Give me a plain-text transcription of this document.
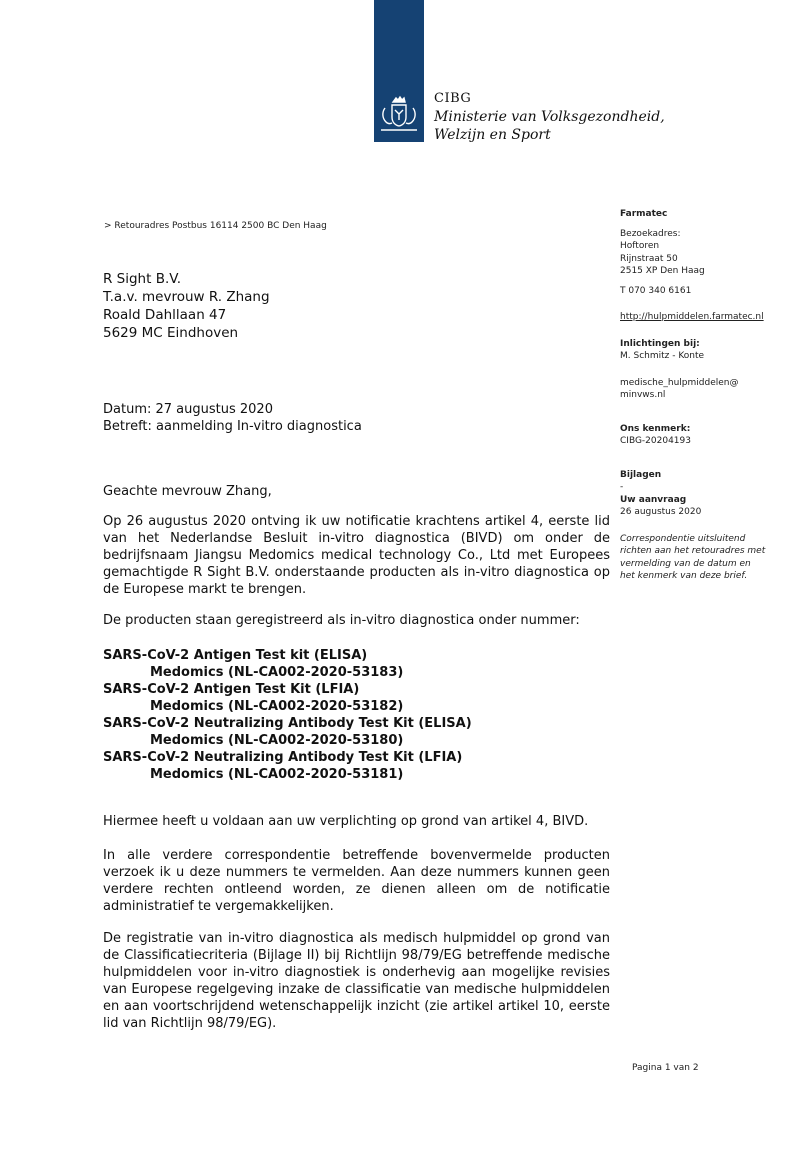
CIBG
Ministerie van Volksgezondheid,
Welzijn en Sport
> Retouradres Postbus 16114 2500 BC Den Haag
R Sight B.V.
T.a.v. mevrouw R. Zhang
Roald Dahllaan 47
5629 MC Eindhoven
Datum: 27 augustus 2020
Betreft: aanmelding In-vitro diagnostica
Farmatec
Bezoekadres:
Hoftoren
Rijnstraat 50
2515 XP Den Haag
T 070 340 6161
http://hulpmiddelen.farmatec.nl
Inlichtingen bij:
M. Schmitz - Konte
medische_hulpmiddelen@
minvws.nl
Ons kenmerk:
CIBG-20204193
Bijlagen
-
Uw aanvraag
26 augustus 2020
Correspondentie uitsluitend
richten aan het retouradres met
vermelding van de datum en
het kenmerk van deze brief.
Geachte mevrouw Zhang,
Op 26 augustus 2020 ontving ik uw notificatie krachtens artikel 4, eerste lid van het Nederlandse Besluit in-vitro diagnostica (BIVD) om onder de bedrijfsnaam Jiangsu Medomics medical technology Co., Ltd met Europees gemachtigde R Sight B.V. onderstaande producten als in-vitro diagnostica op de Europese markt te brengen.
De producten staan geregistreerd als in-vitro diagnostica onder nummer:
SARS-CoV-2 Antigen Test kit (ELISA)
Medomics (NL-CA002-2020-53183)
SARS-CoV-2 Antigen Test Kit (LFIA)
Medomics (NL-CA002-2020-53182)
SARS-CoV-2 Neutralizing Antibody Test Kit (ELISA)
Medomics (NL-CA002-2020-53180)
SARS-CoV-2 Neutralizing Antibody Test Kit (LFIA)
Medomics (NL-CA002-2020-53181)
Hiermee heeft u voldaan aan uw verplichting op grond van artikel 4, BIVD.
In alle verdere correspondentie betreffende bovenvermelde producten verzoek ik u deze nummers te vermelden. Aan deze nummers kunnen geen verdere rechten ontleend worden, ze dienen alleen om de notificatie administratief te vergemakkelijken.
De registratie van in-vitro diagnostica als medisch hulpmiddel op grond van de Classificatiecriteria (Bijlage II) bij Richtlijn 98/79/EG betreffende medische hulpmiddelen voor in-vitro diagnostiek is onderhevig aan mogelijke revisies van Europese regelgeving inzake de classificatie van medische hulpmiddelen en aan voortschrijdend wetenschappelijk inzicht (zie artikel artikel 10, eerste lid van Richtlijn 98/79/EG).
Pagina 1 van 2
